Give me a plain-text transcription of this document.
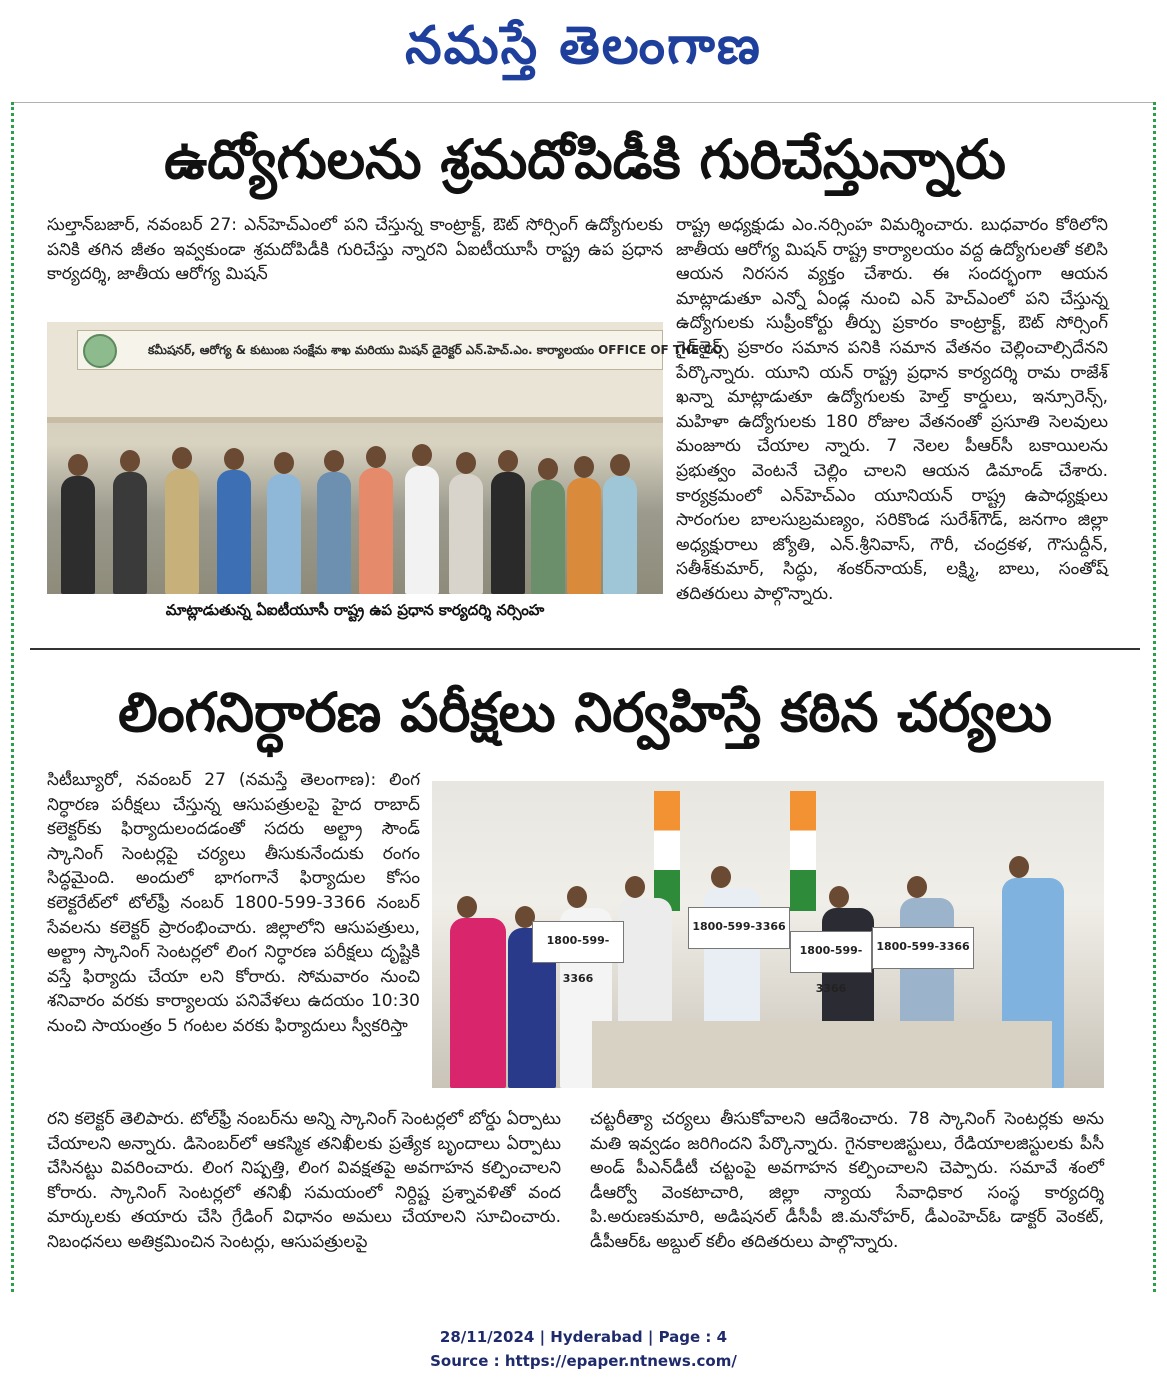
నమస్తే తెలంగాణ
ఉద్యోగులను శ్రమదోపిడీకి గురిచేస్తున్నారు

సుల్తాన్‌బజార్, నవంబర్ 27: ఎన్‌హెచ్‌ఎంలో పని చేస్తున్న కాంట్రాక్ట్, ఔట్ సోర్సింగ్ ఉద్యోగులకు పనికి తగిన జీతం ఇవ్వకుండా శ్రమదోపిడీకి గురిచేస్తు న్నారని ఏఐటీయూసీ రాష్ట్ర ఉప ప్రధాన కార్యదర్శి, జాతీయ ఆరోగ్య మిషన్

కమీషనర్, ఆరోగ్య & కుటుంబ సంక్షేమ శాఖ మరియు మిషన్ డైరెక్టర్ ఎన్.హెచ్.ఎం. కార్యాలయం OFFICE OF THE CO
మాట్లాడుతున్న ఏఐటీయూసీ రాష్ట్ర ఉప ప్రధాన కార్యదర్శి నర్సింహ

రాష్ట్ర అధ్యక్షుడు ఎం.నర్సింహ విమర్శించారు. బుధవారం కోఠిలోని జాతీయ ఆరోగ్య మిషన్ రాష్ట్ర కార్యాలయం వద్ద ఉద్యోగులతో కలిసి ఆయన నిరసన వ్యక్తం చేశారు. ఈ సందర్భంగా ఆయన మాట్లాడుతూ ఎన్నో ఏండ్ల నుంచి ఎన్ హెచ్ఎంలో పని చేస్తున్న ఉద్యోగులకు సుప్రీంకోర్టు తీర్పు ప్రకారం కాంట్రాక్ట్, ఔట్ సోర్సింగ్ గైడ్‌లైన్స్ ప్రకారం సమాన పనికి సమాన వేతనం చెల్లించాల్సిదేనని పేర్కొన్నారు. యూని యన్ రాష్ట్ర ప్రధాన కార్యదర్శి రామ రాజేశ్ ఖన్నా మాట్లాడుతూ ఉద్యోగులకు హెల్త్ కార్డులు, ఇన్సూరెన్స్, మహిళా ఉద్యోగులకు 180 రోజుల వేతనంతో ప్రసూతి సెలవులు మంజూరు చేయాల న్నారు. 7 నెలల పీఆర్‌సీ బకాయిలను ప్రభుత్వం వెంటనే చెల్లిం చాలని ఆయన డిమాండ్ చేశారు. కార్యక్రమంలో ఎన్‌హెచ్ఎం యూనియన్ రాష్ట్ర ఉపాధ్యక్షులు సారంగుల బాలసుబ్రమణ్యం, సరికొండ సురేశ్‌గౌడ్, జనగాం జిల్లా అధ్యక్షురాలు జ్యోతి, ఎన్.శ్రీనివాస్, గౌరీ, చంద్రకళ, గౌసుద్దీన్, సతీశ్‌కుమార్, సిద్ధు, శంకర్‌నాయక్, లక్ష్మి, బాలు, సంతోష్ తదితరులు పాల్గొన్నారు.

లింగనిర్ధారణ పరీక్షలు నిర్వహిస్తే కఠిన చర్యలు

సిటీబ్యూరో, నవంబర్ 27 (నమస్తే తెలంగాణ): లింగ నిర్ధారణ పరీక్షలు చేస్తున్న ఆసుపత్రులపై హైద రాబాద్ కలెక్టర్‌కు ఫిర్యాదులందడంతో సదరు అల్ట్రా సౌండ్ స్కానింగ్ సెంటర్లపై చర్యలు తీసుకునేందుకు రంగం సిద్ధమైంది. అందులో భాగంగానే ఫిర్యాదుల కోసం కలెక్టరేట్‌లో టోల్‌ఫ్రీ నంబర్ 1800-599-3366 నంబర్ సేవలను కలెక్టర్ ప్రారంభించారు. జిల్లాలోని ఆసుపత్రులు, అల్ట్రా స్కానింగ్ సెంటర్లలో లింగ నిర్ధారణ పరీక్షలు దృష్టికి వస్తే ఫిర్యాదు చేయా లని కోరారు. సోమవారం నుంచి శనివారం వరకు కార్యాలయ పనివేళలు ఉదయం 10:30 నుంచి సాయంత్రం 5 గంటల వరకు ఫిర్యాదులు స్వీకరిస్తా

1800-599-3366
1800-599-3366
1800-599-3366
1800-599-3366

రని కలెక్టర్ తెలిపారు. టోల్‌ఫ్రీ నంబర్‌ను అన్ని స్కానింగ్ సెంటర్లలో బోర్డు ఏర్పాటు చేయాలని అన్నారు. డిసెంబర్‌లో ఆకస్మిక తనిఖీలకు ప్రత్యేక బృందాలు ఏర్పాటు చేసినట్టు వివరించారు. లింగ నిష్పత్తి, లింగ వివక్షతపై అవగాహన కల్పించాలని కోరారు. స్కానింగ్ సెంటర్లలో తనిఖీ సమయంలో నిర్దిష్ట ప్రశ్నావళితో వంద మార్కులకు తయారు చేసి గ్రేడింగ్ విధానం అమలు చేయాలని సూచించారు. నిబంధనలు అతిక్రమించిన సెంటర్లు, ఆసుపత్రులపై

చట్టరీత్యా చర్యలు తీసుకోవాలని ఆదేశించారు. 78 స్కానింగ్ సెంటర్లకు అను మతి ఇవ్వడం జరిగిందని పేర్కొన్నారు. గైనకాలజిస్టులు, రేడియాలజిస్టులకు పీసీ అండ్ పీఎన్‌డీటీ చట్టంపై అవగాహన కల్పించాలని చెప్పారు. సమావే శంలో డీఆర్వో వెంకటాచారి, జిల్లా న్యాయ సేవాధికార సంస్థ కార్యదర్శి పి.అరుణకుమారి, అడిషనల్ డీసీపీ జి.మనోహర్, డీఎంహెచ్ఓ డాక్టర్ వెంకట్, డీపీఆర్ఓ అబ్దుల్ కలీం తదితరులు పాల్గొన్నారు.

28/11/2024 | Hyderabad | Page : 4
Source : https://epaper.ntnews.com/
